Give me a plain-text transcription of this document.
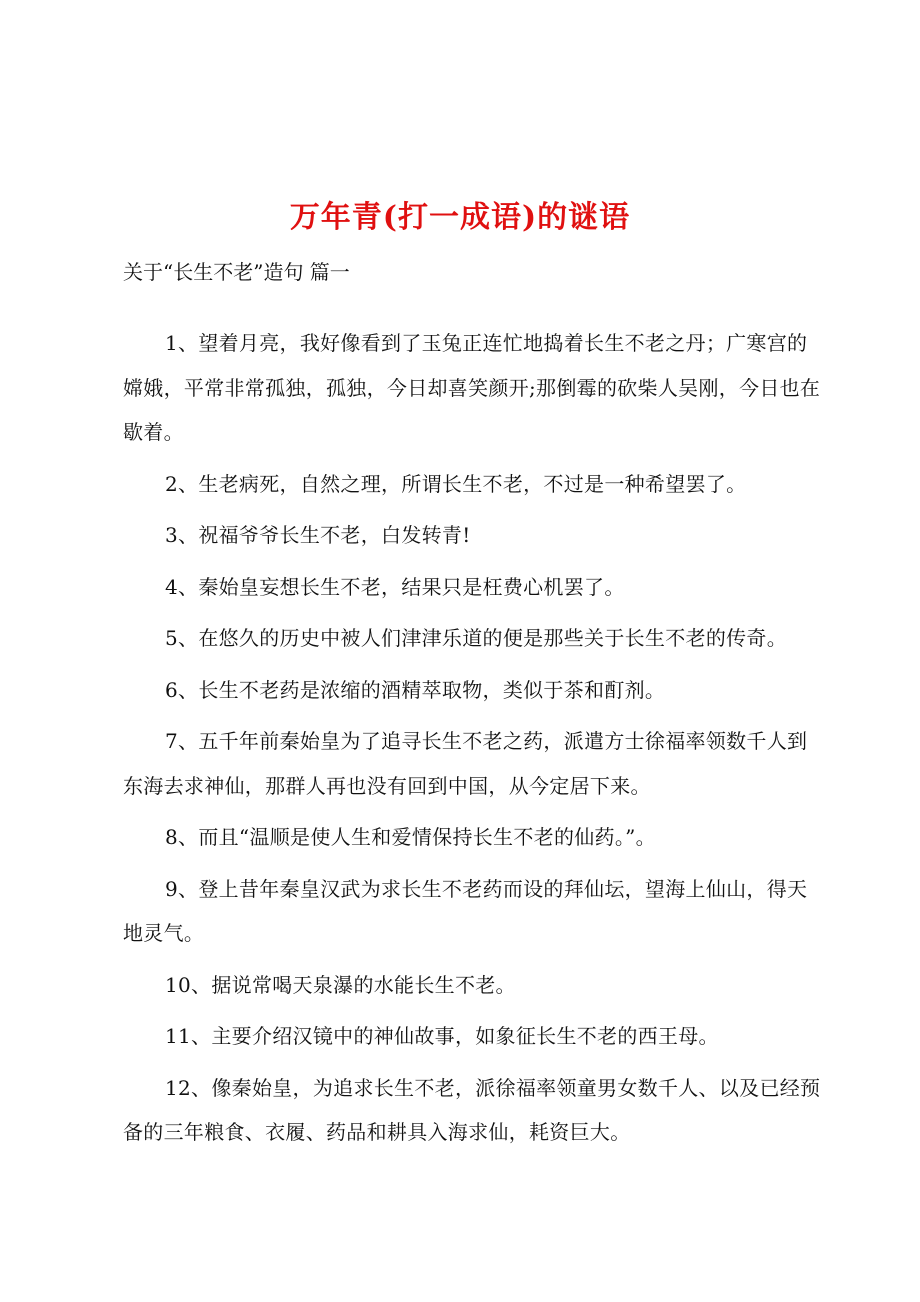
万年青(打一成语)的谜语

关于“长生不老”造句 篇一

1、望着月亮，我好像看到了玉兔正连忙地捣着长生不老之丹；广寒宫的嫦娥，平常非常孤独，孤独，今日却喜笑颜开;那倒霉的砍柴人吴刚，今日也在歇着。

2、生老病死，自然之理，所谓长生不老，不过是一种希望罢了。

3、祝福爷爷长生不老，白发转青!

4、秦始皇妄想长生不老，结果只是枉费心机罢了。

5、在悠久的历史中被人们津津乐道的便是那些关于长生不老的传奇。

6、长生不老药是浓缩的酒精萃取物，类似于茶和酊剂。

7、五千年前秦始皇为了追寻长生不老之药，派遣方士徐福率领数千人到东海去求神仙，那群人再也没有回到中国，从今定居下来。

8、而且“温顺是使人生和爱情保持长生不老的仙药。”。

9、登上昔年秦皇汉武为求长生不老药而设的拜仙坛，望海上仙山，得天地灵气。

10、据说常喝天泉瀑的水能长生不老。

11、主要介绍汉镜中的神仙故事，如象征长生不老的西王母。

12、像秦始皇，为追求长生不老，派徐福率领童男女数千人、以及已经预备的三年粮食、衣履、药品和耕具入海求仙，耗资巨大。
